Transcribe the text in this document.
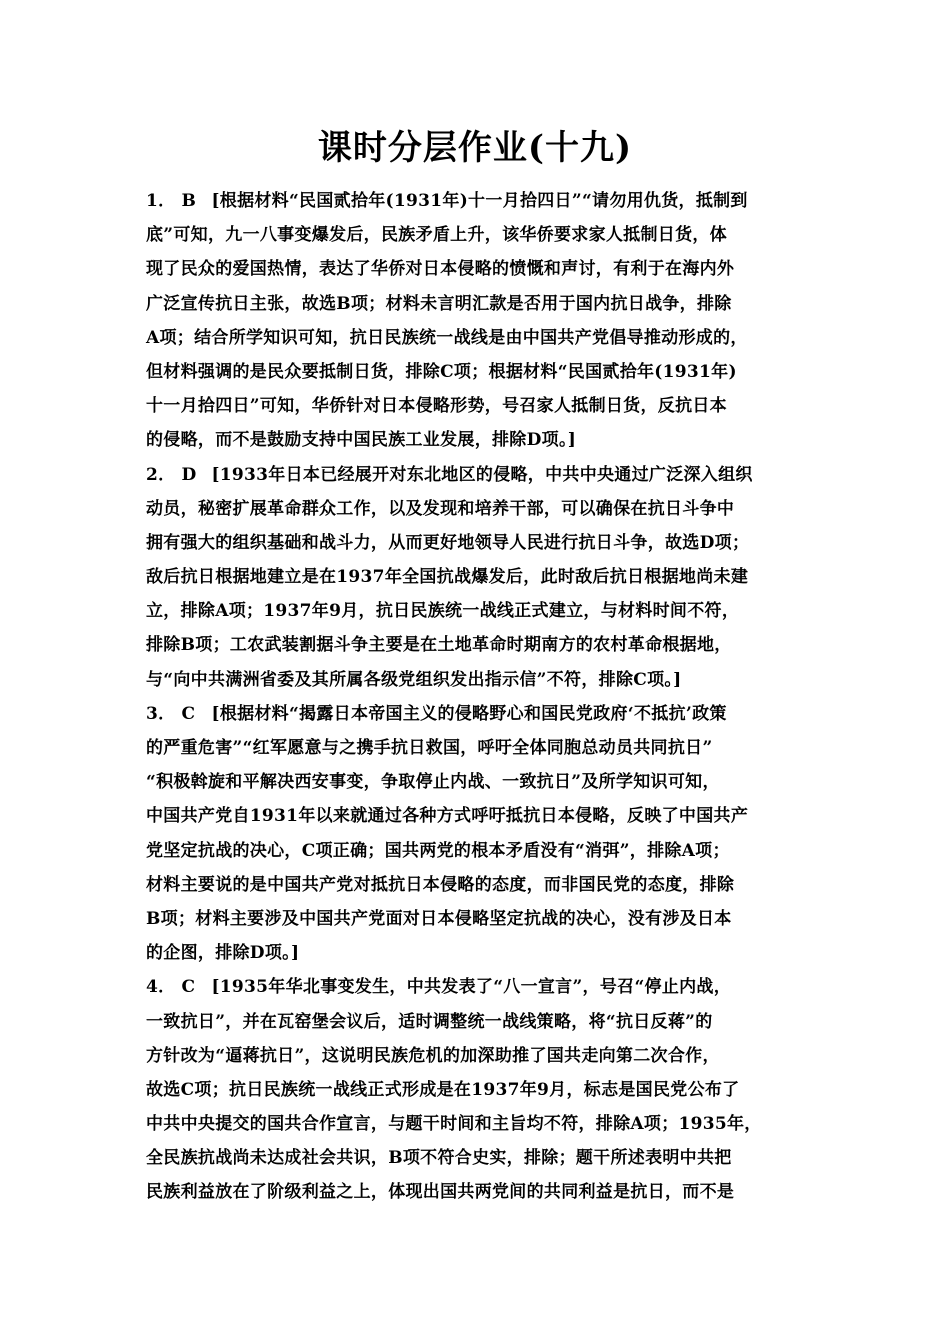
课时分层作业(十九)
1． B [根据材料“民国贰拾年(1931年)十一月拾四日”“请勿用仇货，抵制到
底”可知，九一八事变爆发后，民族矛盾上升，该华侨要求家人抵制日货，体
现了民众的爱国热情，表达了华侨对日本侵略的愤慨和声讨，有利于在海内外
广泛宣传抗日主张，故选B项；材料未言明汇款是否用于国内抗日战争，排除
A项；结合所学知识可知，抗日民族统一战线是由中国共产党倡导推动形成的，
但材料强调的是民众要抵制日货，排除C项；根据材料“民国贰拾年(1931年)
十一月拾四日”可知，华侨针对日本侵略形势，号召家人抵制日货，反抗日本
的侵略，而不是鼓励支持中国民族工业发展，排除D项。]
2． D [1933年日本已经展开对东北地区的侵略，中共中央通过广泛深入组织
动员，秘密扩展革命群众工作，以及发现和培养干部，可以确保在抗日斗争中
拥有强大的组织基础和战斗力，从而更好地领导人民进行抗日斗争，故选D项；
敌后抗日根据地建立是在1937年全国抗战爆发后，此时敌后抗日根据地尚未建
立，排除A项；1937年9月，抗日民族统一战线正式建立，与材料时间不符，
排除B项；工农武装割据斗争主要是在土地革命时期南方的农村革命根据地，
与“向中共满洲省委及其所属各级党组织发出指示信”不符，排除C项。]
3． C [根据材料“揭露日本帝国主义的侵略野心和国民党政府‘不抵抗’政策
的严重危害”“红军愿意与之携手抗日救国，呼吁全体同胞总动员共同抗日”
“积极斡旋和平解决西安事变，争取停止内战、一致抗日”及所学知识可知，
中国共产党自1931年以来就通过各种方式呼吁抵抗日本侵略，反映了中国共产
党坚定抗战的决心，C项正确；国共两党的根本矛盾没有“消弭”，排除A项；
材料主要说的是中国共产党对抵抗日本侵略的态度，而非国民党的态度，排除
B项；材料主要涉及中国共产党面对日本侵略坚定抗战的决心，没有涉及日本
的企图，排除D项。]
4． C [1935年华北事变发生，中共发表了“八一宣言”，号召“停止内战，
一致抗日”，并在瓦窑堡会议后，适时调整统一战线策略，将“抗日反蒋”的
方针改为“逼蒋抗日”，这说明民族危机的加深助推了国共走向第二次合作，
故选C项；抗日民族统一战线正式形成是在1937年9月，标志是国民党公布了
中共中央提交的国共合作宣言，与题干时间和主旨均不符，排除A项；1935年，
全民族抗战尚未达成社会共识，B项不符合史实，排除；题干所述表明中共把
民族利益放在了阶级利益之上，体现出国共两党间的共同利益是抗日，而不是
